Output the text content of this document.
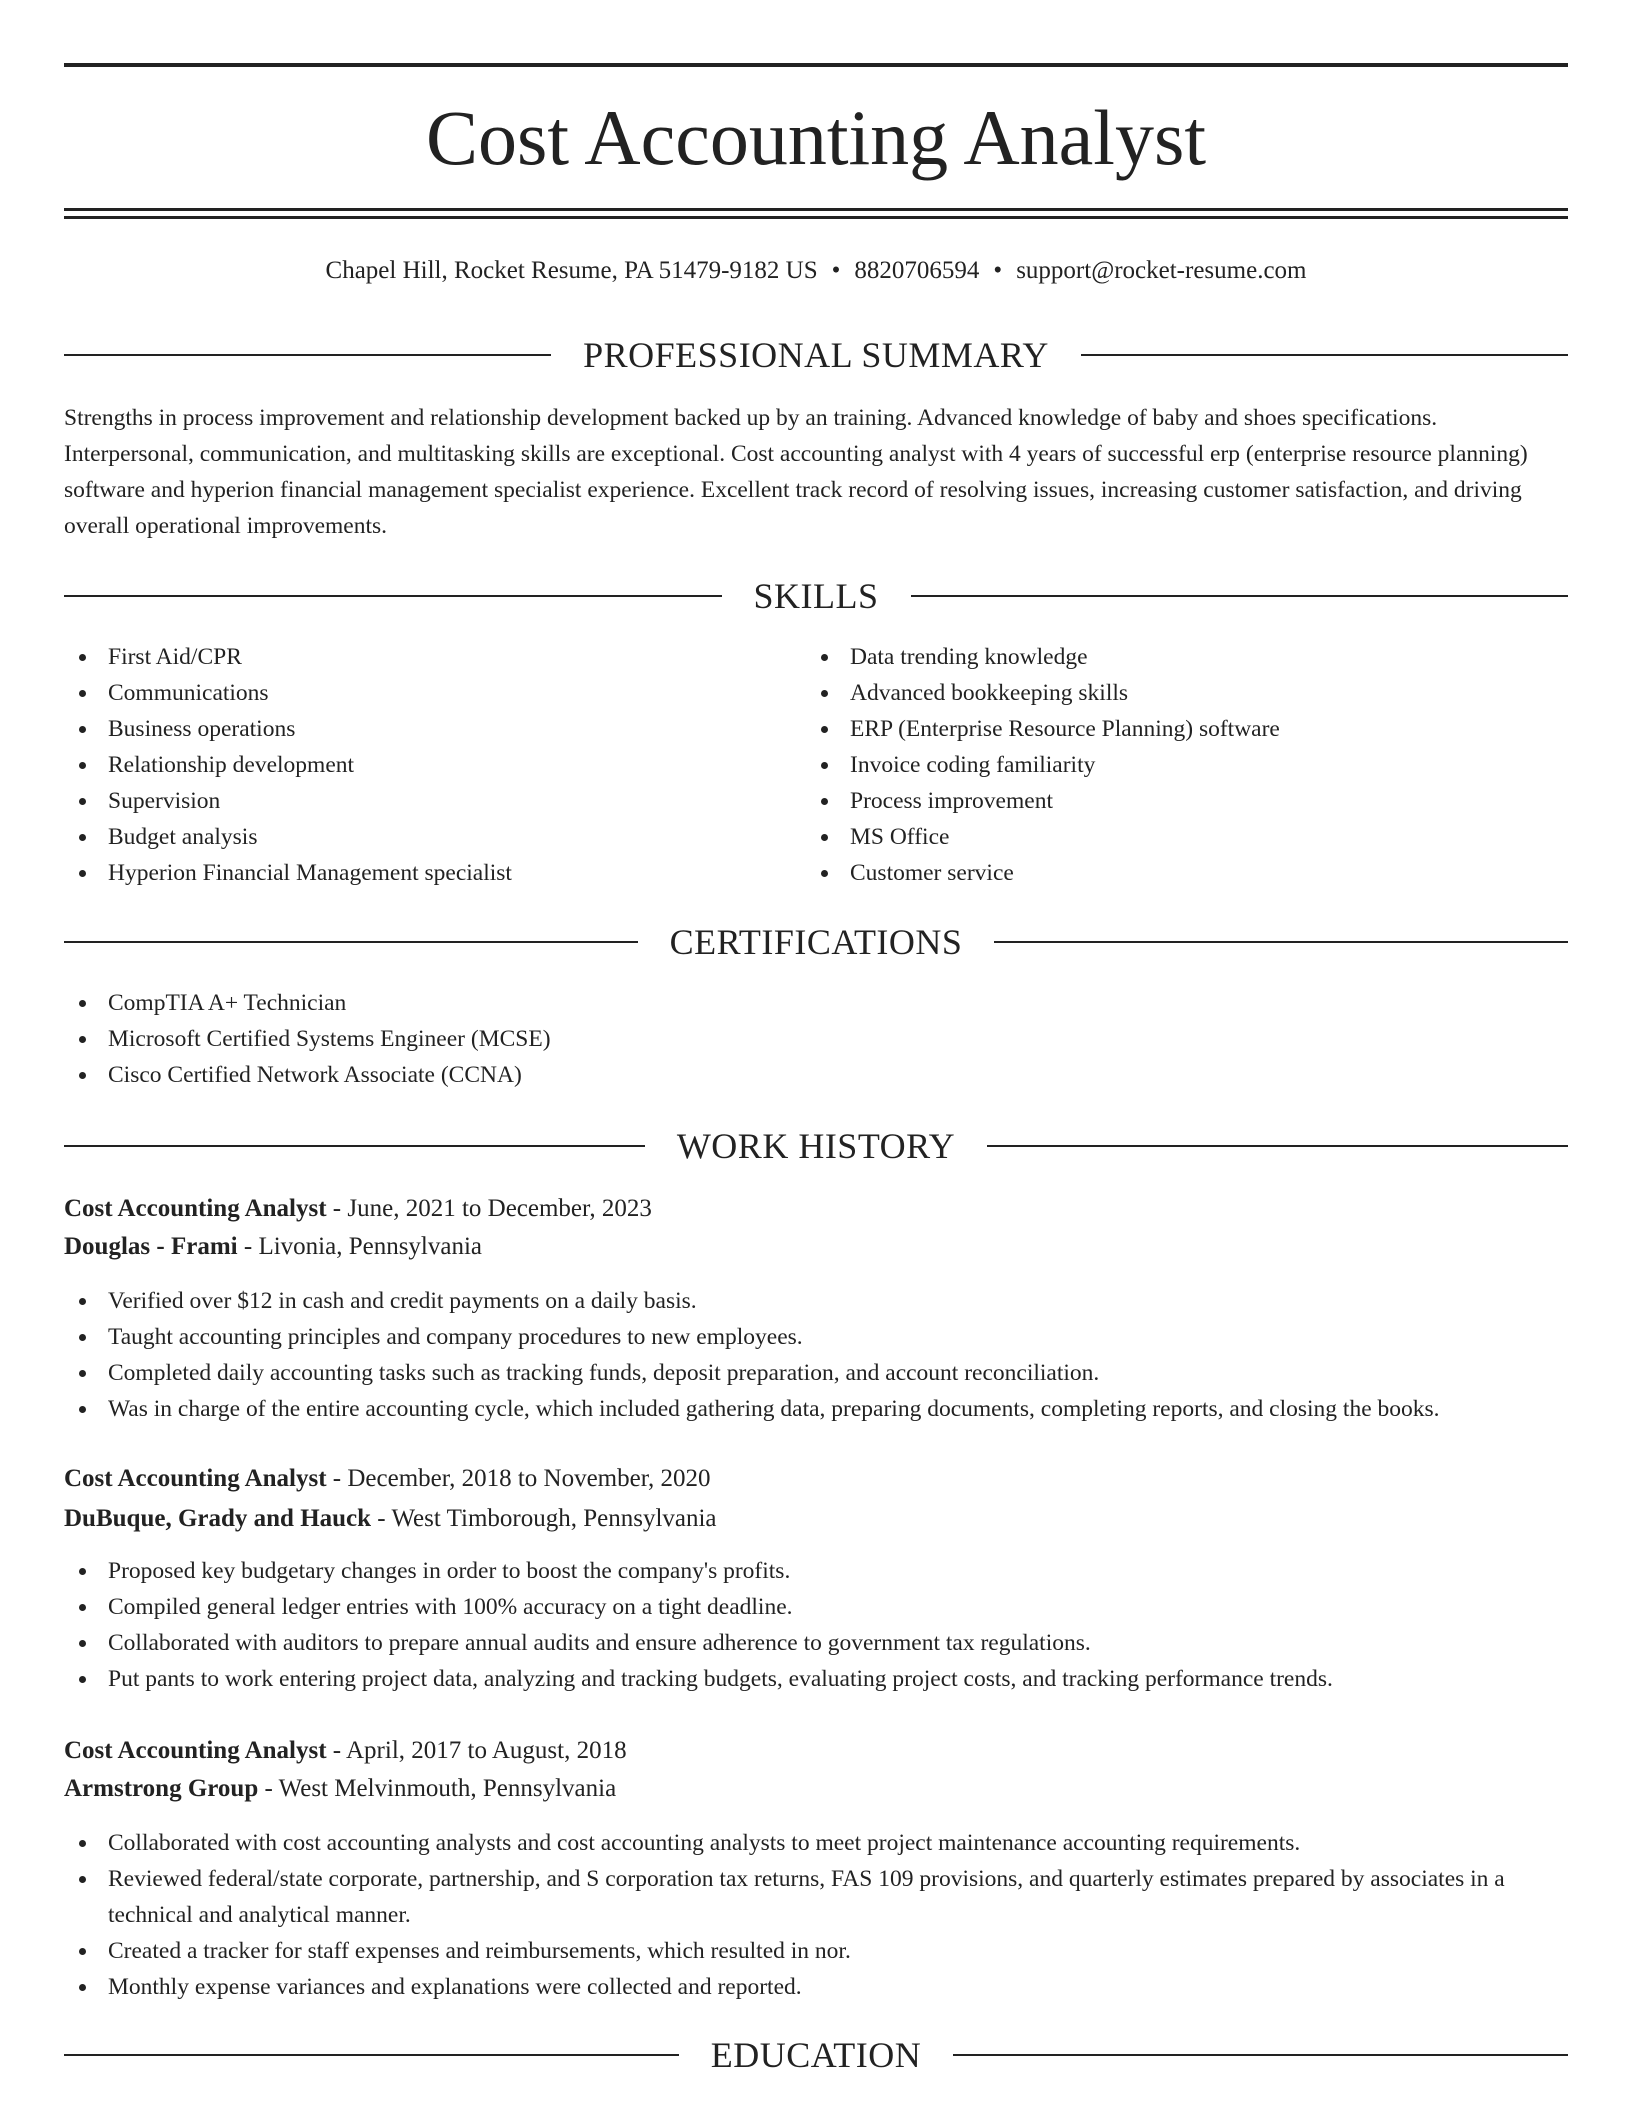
Cost Accounting Analyst
Chapel Hill, Rocket Resume, PA 51479-9182 US • 8820706594 • support@rocket-resume.com
PROFESSIONAL SUMMARY

Strengths in process improvement and relationship development backed up by an training. Advanced knowledge of baby and shoes specifications. Interpersonal, communication, and multitasking skills are exceptional. Cost accounting analyst with 4 years of successful erp (enterprise resource planning) software and hyperion financial management specialist experience. Excellent track record of resolving issues, increasing customer satisfaction, and driving overall operational improvements.

SKILLS
First Aid/CPR
Communications
Business operations
Relationship development
Supervision
Budget analysis
Hyperion Financial Management specialist
Data trending knowledge
Advanced bookkeeping skills
ERP (Enterprise Resource Planning) software
Invoice coding familiarity
Process improvement
MS Office
Customer service
CERTIFICATIONS
CompTIA A+ Technician
Microsoft Certified Systems Engineer (MCSE)
Cisco Certified Network Associate (CCNA)
WORK HISTORY
Cost Accounting Analyst - June, 2021 to December, 2023
Douglas - Frami - Livonia, Pennsylvania
Verified over $12 in cash and credit payments on a daily basis.
Taught accounting principles and company procedures to new employees.
Completed daily accounting tasks such as tracking funds, deposit preparation, and account reconciliation.
Was in charge of the entire accounting cycle, which included gathering data, preparing documents, completing reports, and closing the books.
Cost Accounting Analyst - December, 2018 to November, 2020
DuBuque, Grady and Hauck - West Timborough, Pennsylvania
Proposed key budgetary changes in order to boost the company's profits.
Compiled general ledger entries with 100% accuracy on a tight deadline.
Collaborated with auditors to prepare annual audits and ensure adherence to government tax regulations.
Put pants to work entering project data, analyzing and tracking budgets, evaluating project costs, and tracking performance trends.
Cost Accounting Analyst - April, 2017 to August, 2018
Armstrong Group - West Melvinmouth, Pennsylvania
Collaborated with cost accounting analysts and cost accounting analysts to meet project maintenance accounting requirements.
Reviewed federal/state corporate, partnership, and S corporation tax returns, FAS 109 provisions, and quarterly estimates prepared by associates in a technical and analytical manner.
Created a tracker for staff expenses and reimbursements, which resulted in nor.
Monthly expense variances and explanations were collected and reported.
EDUCATION
